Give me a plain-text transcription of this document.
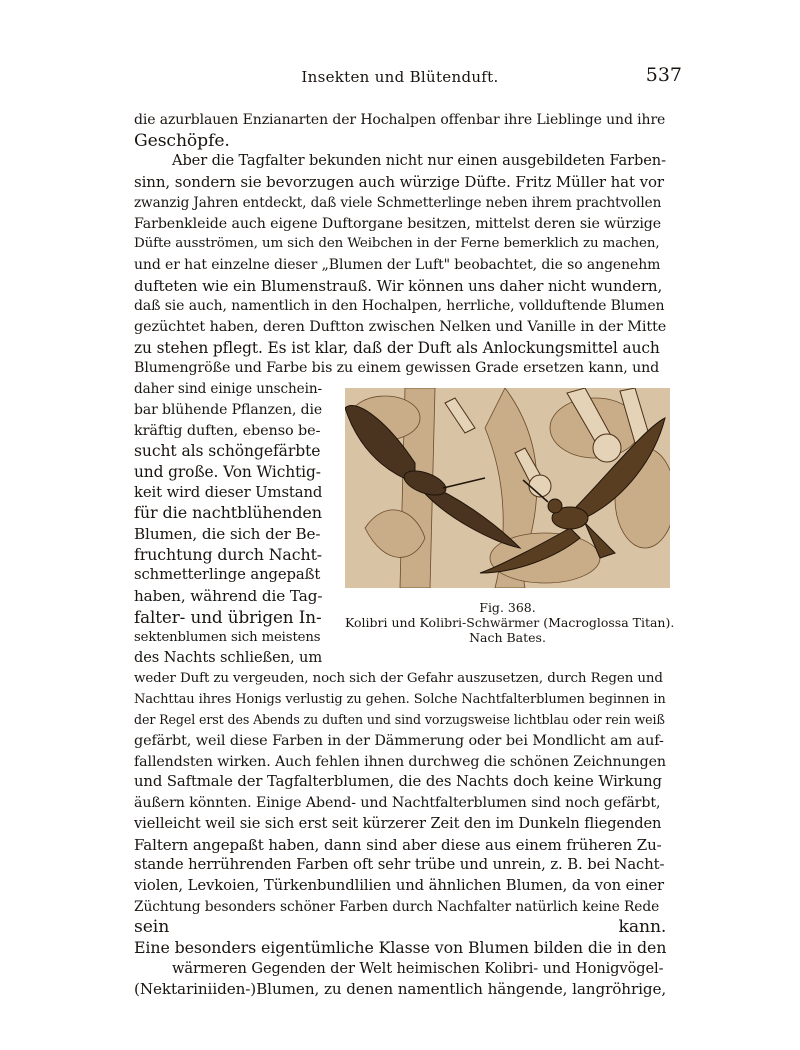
Insekten und Blütenduft.	537
die azurblauen Enzianarten der Hochalpen offenbar ihre Lieblinge und ihre
Geschöpfe.
Aber die Tagfalter bekunden nicht nur einen ausgebildeten Farben-
sinn, sondern sie bevorzugen auch würzige Düfte. Fritz Müller hat vor
zwanzig Jahren entdeckt, daß viele Schmetterlinge neben ihrem prachtvollen
Farbenkleide auch eigene Duftorgane besitzen, mittelst deren sie würzige
Düfte ausströmen, um sich den Weibchen in der Ferne bemerklich zu machen,
und er hat einzelne dieser „Blumen der Luft" beobachtet, die so angenehm
dufteten wie ein Blumenstrauß. Wir können uns daher nicht wundern,
daß sie auch, namentlich in den Hochalpen, herrliche, vollduftende Blumen
gezüchtet haben, deren Duftton zwischen Nelken und Vanille in der Mitte
zu stehen pflegt. Es ist klar, daß der Duft als Anlockungsmittel auch
Blumengröße und Farbe bis zu einem gewissen Grade ersetzen kann, und
daher sind einige unschein-
bar blühende Pflanzen, die
kräftig duften, ebenso be-
sucht als schöngefärbte
und große. Von Wichtig-
keit wird dieser Umstand
für die nachtblühenden
Blumen, die sich der Be-
fruchtung durch Nacht-
schmetterlinge angepaßt
haben, während die Tag-
falter- und übrigen In-
sektenblumen sich meistens
des Nachts schließen, um
weder Duft zu vergeuden, noch sich der Gefahr auszusetzen, durch Regen und
Nachttau ihres Honigs verlustig zu gehen. Solche Nachtfalterblumen beginnen in
der Regel erst des Abends zu duften und sind vorzugsweise lichtblau oder rein weiß
gefärbt, weil diese Farben in der Dämmerung oder bei Mondlicht am auf-
fallendsten wirken. Auch fehlen ihnen durchweg die schönen Zeichnungen
und Saftmale der Tagfalterblumen, die des Nachts doch keine Wirkung
äußern könnten. Einige Abend- und Nachtfalterblumen sind noch gefärbt,
vielleicht weil sie sich erst seit kürzerer Zeit den im Dunkeln fliegenden
Faltern angepaßt haben, dann sind aber diese aus einem früheren Zu-
stande herrührenden Farben oft sehr trübe und unrein, z. B. bei Nacht-
violen, Levkoien, Türkenbundlilien und ähnlichen Blumen, da von einer
Züchtung besonders schöner Farben durch Nachfalter natürlich keine Rede
sein kann.
Eine besonders eigentümliche Klasse von Blumen bilden die in den
wärmeren Gegenden der Welt heimischen Kolibri- und Honigvögel-
(Nektariniiden-)Blumen, zu denen namentlich hängende, langröhrige,
Fig. 368.
Kolibri und Kolibri-Schwärmer (Macroglossa Titan).
Nach Bates.
